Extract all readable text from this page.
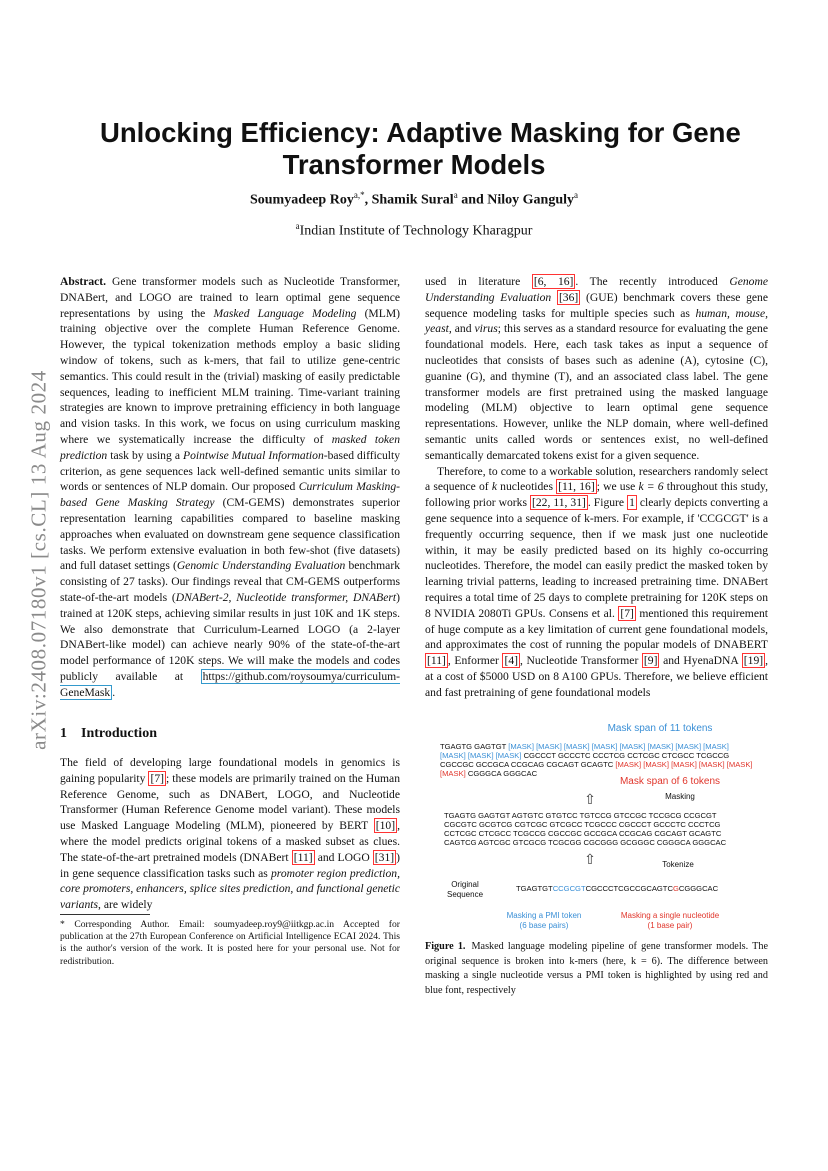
arXiv:2408.07180v1 [cs.CL] 13 Aug 2024
Unlocking Efficiency: Adaptive Masking for Gene
Transformer Models
Soumyadeep Roy$^{a,*}$, Shamik Sural$^a$ and Niloy Ganguly$^a$
$^a$Indian Institute of Technology Kharagpur

Abstract. Gene transformer models such as Nucleotide Transformer, DNABert, and LOGO are trained to learn optimal gene sequence representations by using the Masked Language Modeling (MLM) training objective over the complete Human Reference Genome. However, the typical tokenization methods employ a basic sliding window of tokens, such as k-mers, that fail to utilize gene-centric semantics. This could result in the (trivial) masking of easily predictable sequences, leading to inefficient MLM training. Time-variant training strategies are known to improve pretraining efficiency in both language and vision tasks. In this work, we focus on using curriculum masking where we systematically increase the difficulty of masked token prediction task by using a Pointwise Mutual Information-based difficulty criterion, as gene sequences lack well-defined semantic units similar to words or sentences of NLP domain. Our proposed Curriculum Masking-based Gene Masking Strategy (CM-GEMS) demonstrates superior representation learning capabilities compared to baseline masking approaches when evaluated on downstream gene sequence classification tasks. We perform extensive evaluation in both few-shot (five datasets) and full dataset settings (Genomic Understanding Evaluation benchmark consisting of 27 tasks). Our findings reveal that CM-GEMS outperforms state-of-the-art models (DNABert-2, Nucleotide transformer, DNABert) trained at 120K steps, achieving similar results in just 10K and 1K steps. We also demonstrate that Curriculum-Learned LOGO (a 2-layer DNABert-like model) can achieve nearly 90% of the state-of-the-art model performance of 120K steps. We will make the models and codes publicly available at https://github.com/roysoumya/curriculum-GeneMask .

1 Introduction

The field of developing large foundational models in genomics is gaining popularity [7] ; these models are primarily trained on the Human Reference Genome, such as DNABert, LOGO, and Nucleotide Transformer (Human Reference Genome model variant). These models use Masked Language Modeling (MLM), pioneered by BERT [10] , where the model predicts original tokens of a masked subset as clues. The state-of-the-art pretrained models (DNABert [11] and LOGO [31] ) in gene sequence classification tasks such as promoter region prediction, core promoters, enhancers, splice sites prediction, and functional genetic variants, are widely

* Corresponding Author. Email: soumyadeep.roy9@iitkgp.ac.in Accepted for publication at the 27th European Conference on Artificial Intelligence ECAI 2024. This is the author's version of the work. It is posted here for your personal use. Not for redistribution.

used in literature [6, 16] . The recently introduced Genome Understanding Evaluation [36] (GUE) benchmark covers these gene sequence modeling tasks for multiple species such as human, mouse, yeast, and virus; this serves as a standard resource for evaluating the gene foundational models. Here, each task takes as input a sequence of nucleotides that consists of bases such as adenine (A), cytosine (C), guanine (G), and thymine (T), and an associated class label. The gene transformer models are first pretrained using the masked language modeling (MLM) objective to learn optimal gene sequence representations. However, unlike the NLP domain, where well-defined semantic units called words or sentences exist, no well-defined semantically demarcated tokens exist for a given sequence.

Therefore, to come to a workable solution, researchers randomly select a sequence of k nucleotides [11, 16] ; we use k = 6 throughout this study, following prior works [22, 11, 31] . Figure 1 clearly depicts converting a gene sequence into a sequence of k-mers. For example, if 'CCGCGT' is a frequently occurring sequence, then if we mask just one nucleotide within, it may be easily predicted based on its highly co-occurring nucleotides. Therefore, the model can easily predict the masked token by learning trivial patterns, leading to increased pretraining time. DNABert requires a total time of 25 days to complete pretraining for 120K steps on 8 NVIDIA 2080Ti GPUs. Consens et al. [7] mentioned this requirement of huge compute as a key limitation of current gene foundational models, and approximates the cost of running the popular models of DNABERT [11] , Enformer [4] , Nucleotide Transformer [9] and HyenaDNA [19] , at a cost of $5000 USD on 8 A100 GPUs. Therefore, we believe efficient and fast pretraining of gene foundational models

Mask span of 11 tokens
TGAGTG GAGTGT [MASK] [MASK] [MASK] [MASK] [MASK] [MASK] [MASK] [MASK]
[MASK] [MASK] [MASK] CGCCCT GCCCTC CCCTCG CCTCGC CTCGCC TCGCCG
CGCCGC GCCGCA CCGCAG CGCAGT GCAGTC [MASK] [MASK] [MASK] [MASK] [MASK]
[MASK] CGGGCA GGGCAC
Mask span of 6 tokens
⇧	Masking
TGAGTG GAGTGT AGTGTC GTGTCC TGTCCG GTCCGC TCCGCG CCGCGT
CGCGTC GCGTCG CGTCGC GTCGCC TCGCCC CGCCCT GCCCTC CCCTCG
CCTCGC CTCGCC TCGCCG CGCCGC GCCGCA CCGCAG CGCAGT GCAGTC
CAGTCG AGTCGC GTCGCG TCGCGG CGCGGG GCGGGC CGGGCA GGGCAC
⇧	Tokenize
Original
Sequence
TGAGTGTCCGCGTCGCCCTCGCCGCAGTCGCGGGCAC
Masking a PMI token
(6 base pairs)
Masking a single nucleotide
(1 base pair)
Figure 1. Masked language modeling pipeline of gene transformer models. The original sequence is broken into k-mers (here, k = 6). The difference between masking a single nucleotide versus a PMI token is highlighted by using red and blue font, respectively
